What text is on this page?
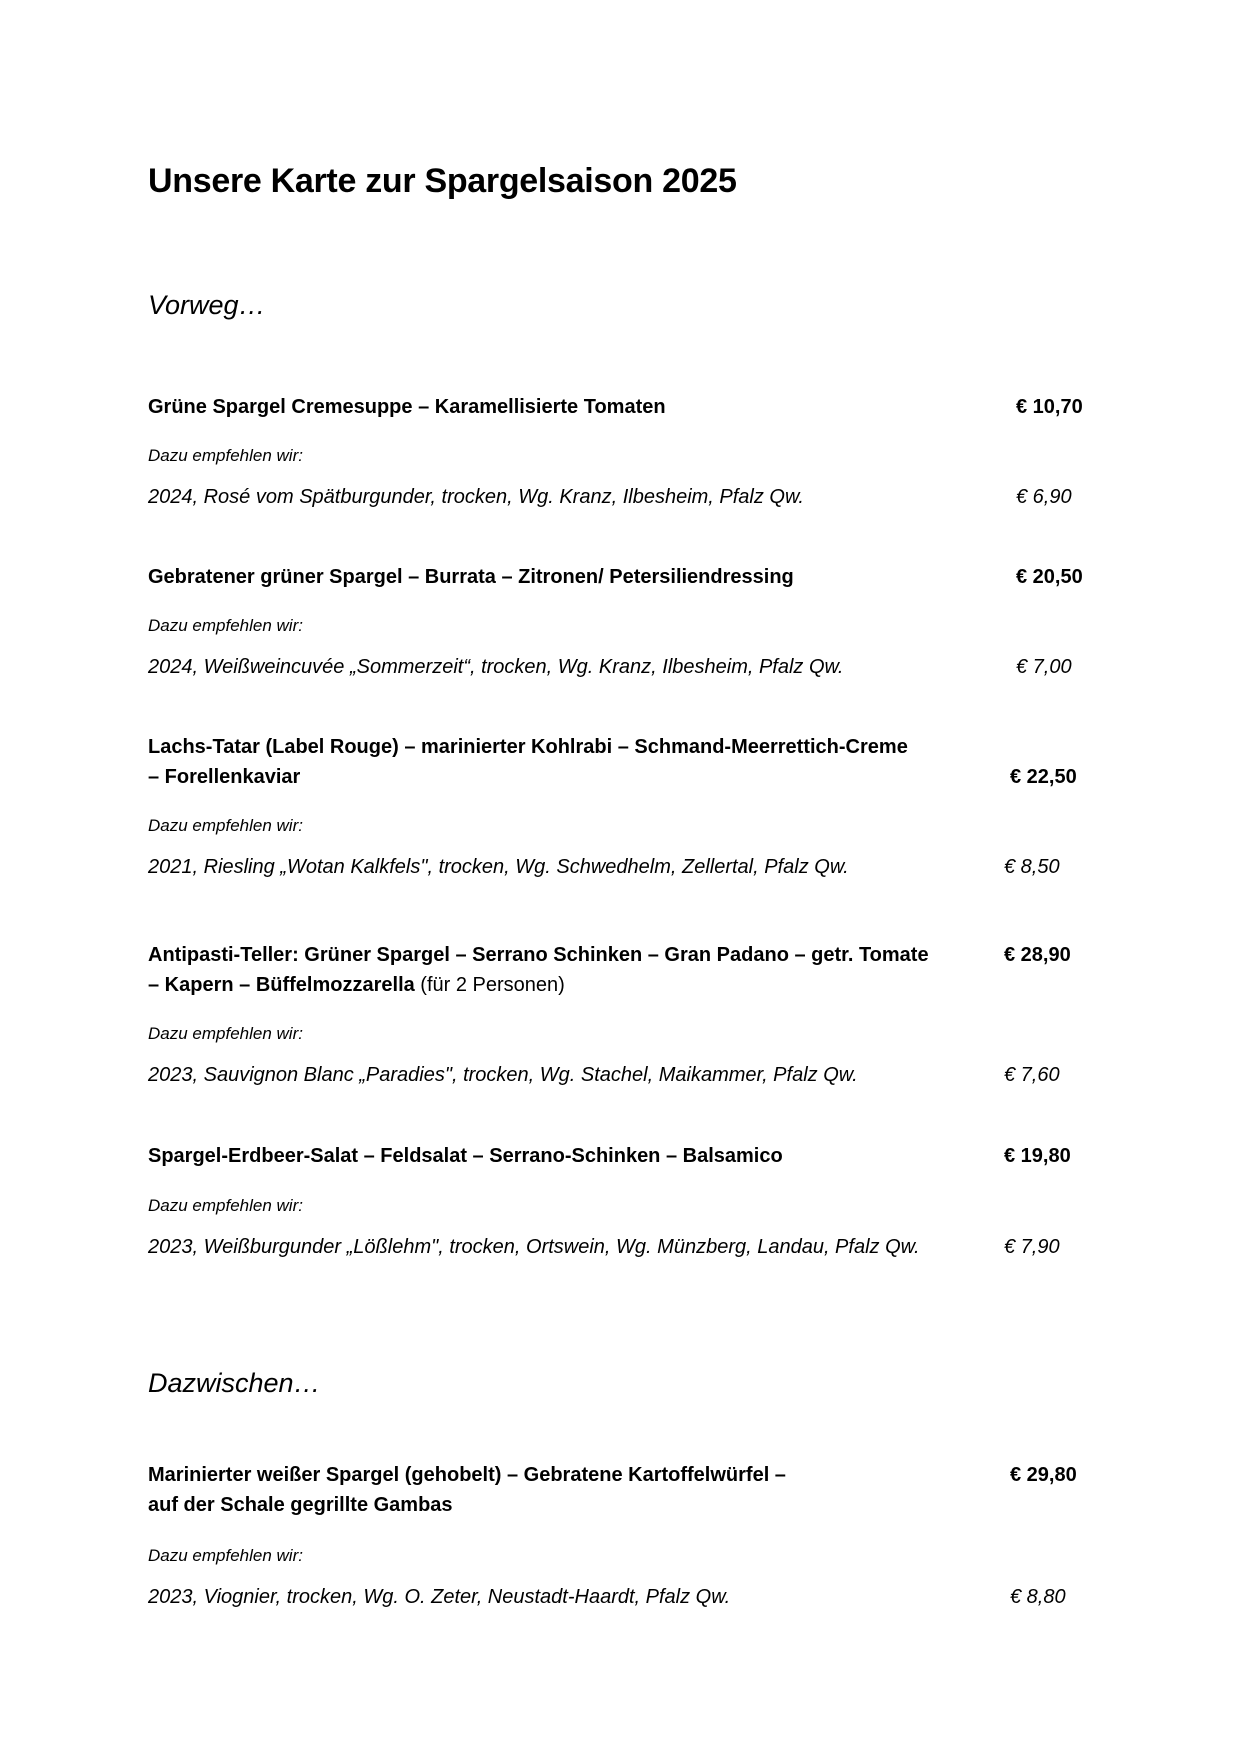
Unsere Karte zur Spargelsaison 2025
Vorweg…
Grüne Spargel Cremesuppe – Karamellisierte Tomaten	€ 10,70
Dazu empfehlen wir:
2024, Rosé vom Spätburgunder, trocken, Wg. Kranz, Ilbesheim, Pfalz Qw.	€ 6,90
Gebratener grüner Spargel – Burrata – Zitronen/ Petersiliendressing	€ 20,50
Dazu empfehlen wir:
2024, Weißweincuvée „Sommerzeit“, trocken, Wg. Kranz, Ilbesheim, Pfalz Qw.	€ 7,00
Lachs-Tatar (Label Rouge) – marinierter Kohlrabi – Schmand-Meerrettich-Creme
– Forellenkaviar	€ 22,50
Dazu empfehlen wir:
2021, Riesling „Wotan Kalkfels", trocken, Wg. Schwedhelm, Zellertal, Pfalz Qw.	€ 8,50
Antipasti-Teller: Grüner Spargel – Serrano Schinken – Gran Padano – getr. Tomate
– Kapern – Büffelmozzarella (für 2 Personen)
€ 28,90
Dazu empfehlen wir:
2023, Sauvignon Blanc „Paradies", trocken, Wg. Stachel, Maikammer, Pfalz Qw.	€ 7,60
Spargel-Erdbeer-Salat – Feldsalat – Serrano-Schinken – Balsamico	€ 19,80
Dazu empfehlen wir:
2023, Weißburgunder „Lößlehm", trocken, Ortswein, Wg. Münzberg, Landau, Pfalz Qw.	€ 7,90
Dazwischen…
Marinierter weißer Spargel (gehobelt) – Gebratene Kartoffelwürfel –
auf der Schale gegrillte Gambas
€ 29,80
Dazu empfehlen wir:
2023, Viognier, trocken, Wg. O. Zeter, Neustadt-Haardt, Pfalz Qw.	€ 8,80
